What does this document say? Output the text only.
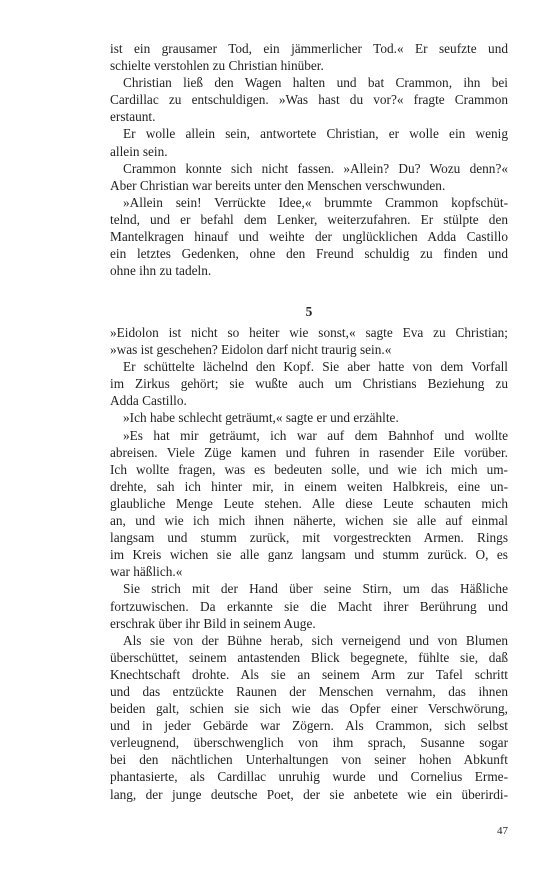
ist ein grausamer Tod, ein jämmerlicher Tod.« Er seufzte und
schielte verstohlen zu Christian hinüber.
Christian ließ den Wagen halten und bat Crammon, ihn bei
Cardillac zu entschuldigen. »Was hast du vor?« fragte Crammon
erstaunt.
Er wolle allein sein, antwortete Christian, er wolle ein wenig
allein sein.
Crammon konnte sich nicht fassen. »Allein? Du? Wozu denn?«
Aber Christian war bereits unter den Menschen verschwunden.
»Allein sein! Verrückte Idee,« brummte Crammon kopfschüt-
telnd, und er befahl dem Lenker, weiterzufahren. Er stülpte den
Mantelkragen hinauf und weihte der unglücklichen Adda Castillo
ein letztes Gedenken, ohne den Freund schuldig zu finden und
ohne ihn zu tadeln.
5
»Eidolon ist nicht so heiter wie sonst,« sagte Eva zu Christian;
»was ist geschehen? Eidolon darf nicht traurig sein.«
Er schüttelte lächelnd den Kopf. Sie aber hatte von dem Vorfall
im Zirkus gehört; sie wußte auch um Christians Beziehung zu
Adda Castillo.
»Ich habe schlecht geträumt,« sagte er und erzählte.
»Es hat mir geträumt, ich war auf dem Bahnhof und wollte
abreisen. Viele Züge kamen und fuhren in rasender Eile vorüber.
Ich wollte fragen, was es bedeuten solle, und wie ich mich um-
drehte, sah ich hinter mir, in einem weiten Halbkreis, eine un-
glaubliche Menge Leute stehen. Alle diese Leute schauten mich
an, und wie ich mich ihnen näherte, wichen sie alle auf einmal
langsam und stumm zurück, mit vorgestreckten Armen. Rings
im Kreis wichen sie alle ganz langsam und stumm zurück. O, es
war häßlich.«
Sie strich mit der Hand über seine Stirn, um das Häßliche
fortzuwischen. Da erkannte sie die Macht ihrer Berührung und
erschrak über ihr Bild in seinem Auge.
Als sie von der Bühne herab, sich verneigend und von Blumen
überschüttet, seinem antastenden Blick begegnete, fühlte sie, daß
Knechtschaft drohte. Als sie an seinem Arm zur Tafel schritt
und das entzückte Raunen der Menschen vernahm, das ihnen
beiden galt, schien sie sich wie das Opfer einer Verschwörung,
und in jeder Gebärde war Zögern. Als Crammon, sich selbst
verleugnend, überschwenglich von ihm sprach, Susanne sogar
bei den nächtlichen Unterhaltungen von seiner hohen Abkunft
phantasierte, als Cardillac unruhig wurde und Cornelius Erme-
lang, der junge deutsche Poet, der sie anbetete wie ein überirdi-
47
